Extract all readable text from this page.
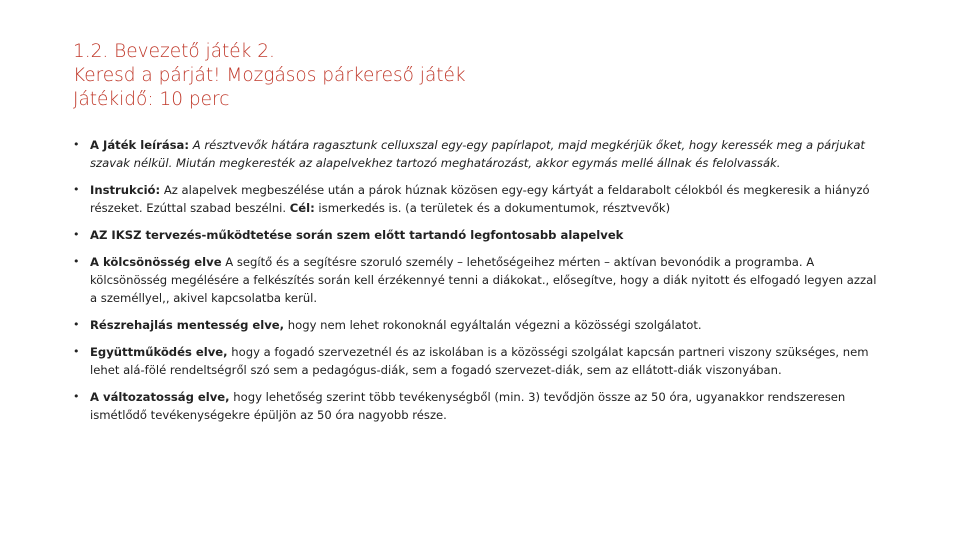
1.2. Bevezető játék 2.
Keresd a párját! Mozgásos párkereső játék
Játékidő: 10 perc
• A Játék leírása: A résztvevők hátára ragasztunk celluxszal egy-egy papírlapot, majd megkérjük őket, hogy keressék meg a párjukat szavak nélkül. Miután megkeresték az alapelvekhez tartozó meghatározást, akkor egymás mellé állnak és felolvassák.
• Instrukció: Az alapelvek megbeszélése után a párok húznak közösen egy-egy kártyát a feldarabolt célokból és megkeresik a hiányzó részeket. Ezúttal szabad beszélni. Cél: ismerkedés is. (a területek és a dokumentumok, résztvevők)
• AZ IKSZ tervezés-működtetése során szem előtt tartandó legfontosabb alapelvek
• A kölcsönösség elve A segítő és a segítésre szoruló személy – lehetőségeihez mérten – aktívan bevonódik a programba. A kölcsönösség megélésére a felkészítés során kell érzékennyé tenni a diákokat., elősegítve, hogy a diák nyitott és elfogadó legyen azzal a személlyel,, akivel kapcsolatba kerül.
• Részrehajlás mentesség elve, hogy nem lehet rokonoknál egyáltalán végezni a közösségi szolgálatot.
• Együttműködés elve, hogy a fogadó szervezetnél és az iskolában is a közösségi szolgálat kapcsán partneri viszony szükséges, nem lehet alá-fölé rendeltségről szó sem a pedagógus-diák, sem a fogadó szervezet-diák, sem az ellátott-diák viszonyában.
• A változatosság elve, hogy lehetőség szerint több tevékenységből (min. 3) tevődjön össze az 50 óra, ugyanakkor rendszeresen ismétlődő tevékenységekre épüljön az 50 óra nagyobb része.
